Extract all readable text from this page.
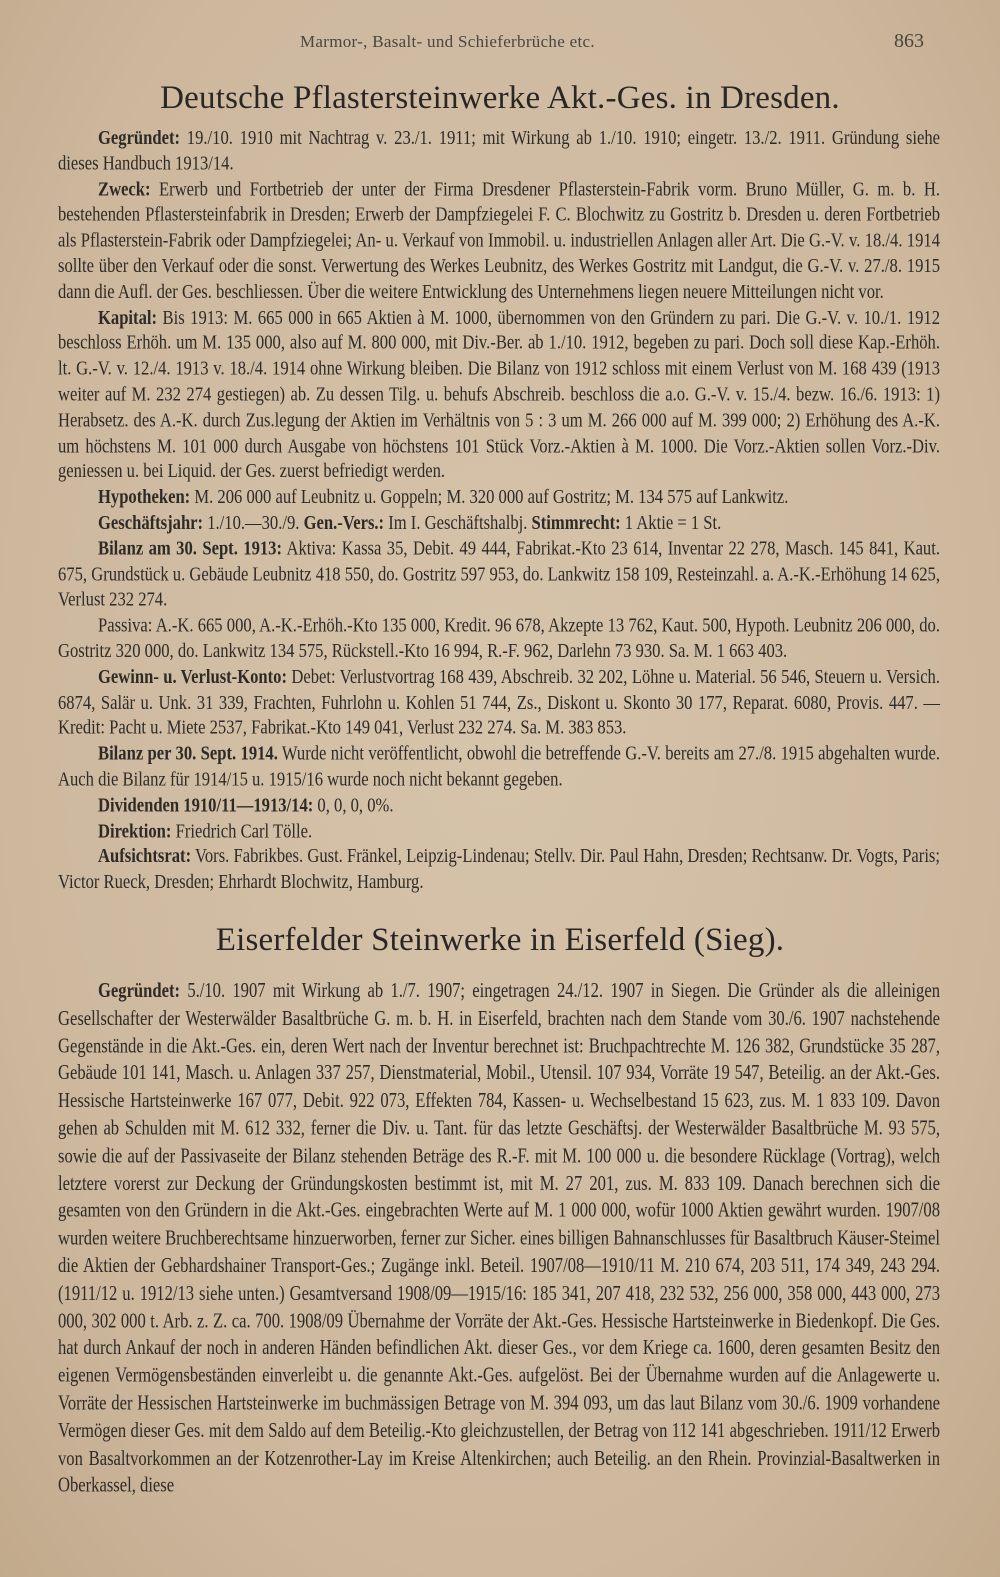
Marmor-, Basalt- und Schieferbrüche etc.	863
Deutsche Pflastersteinwerke Akt.-Ges. in Dresden.

Gegründet: 19./10. 1910 mit Nachtrag v. 23./1. 1911; mit Wirkung ab 1./10. 1910; eingetr. 13./2. 1911. Gründung siehe dieses Handbuch 1913/14.

Zweck: Erwerb und Fortbetrieb der unter der Firma Dresdener Pflasterstein-Fabrik vorm. Bruno Müller, G. m. b. H. bestehenden Pflastersteinfabrik in Dresden; Erwerb der Dampfziegelei F. C. Blochwitz zu Gostritz b. Dresden u. deren Fortbetrieb als Pflasterstein-Fabrik oder Dampfziegelei; An- u. Verkauf von Immobil. u. industriellen Anlagen aller Art. Die G.-V. v. 18./4. 1914 sollte über den Verkauf oder die sonst. Verwertung des Werkes Leubnitz, des Werkes Gostritz mit Landgut, die G.-V. v. 27./8. 1915 dann die Aufl. der Ges. beschliessen. Über die weitere Entwicklung des Unternehmens liegen neuere Mitteilungen nicht vor.

Kapital: Bis 1913: M. 665 000 in 665 Aktien à M. 1000, übernommen von den Gründern zu pari. Die G.-V. v. 10./1. 1912 beschloss Erhöh. um M. 135 000, also auf M. 800 000, mit Div.-Ber. ab 1./10. 1912, begeben zu pari. Doch soll diese Kap.-Erhöh. lt. G.-V. v. 12./4. 1913 v. 18./4. 1914 ohne Wirkung bleiben. Die Bilanz von 1912 schloss mit einem Verlust von M. 168 439 (1913 weiter auf M. 232 274 gestiegen) ab. Zu dessen Tilg. u. behufs Abschreib. beschloss die a.o. G.-V. v. 15./4. bezw. 16./6. 1913: 1) Herabsetz. des A.-K. durch Zus.legung der Aktien im Verhältnis von 5 : 3 um M. 266 000 auf M. 399 000; 2) Erhöhung des A.-K. um höchstens M. 101 000 durch Ausgabe von höchstens 101 Stück Vorz.-Aktien à M. 1000. Die Vorz.-Aktien sollen Vorz.-Div. geniessen u. bei Liquid. der Ges. zuerst befriedigt werden.

Hypotheken: M. 206 000 auf Leubnitz u. Goppeln; M. 320 000 auf Gostritz; M. 134 575 auf Lankwitz.

Geschäftsjahr: 1./10.—30./9. Gen.-Vers.: Im I. Geschäftshalbj. Stimmrecht: 1 Aktie = 1 St.

Bilanz am 30. Sept. 1913: Aktiva: Kassa 35, Debit. 49 444, Fabrikat.-Kto 23 614, Inventar 22 278, Masch. 145 841, Kaut. 675, Grundstück u. Gebäude Leubnitz 418 550, do. Gostritz 597 953, do. Lankwitz 158 109, Resteinzahl. a. A.-K.-Erhöhung 14 625, Verlust 232 274.

Passiva: A.-K. 665 000, A.-K.-Erhöh.-Kto 135 000, Kredit. 96 678, Akzepte 13 762, Kaut. 500, Hypoth. Leubnitz 206 000, do. Gostritz 320 000, do. Lankwitz 134 575, Rückstell.-Kto 16 994, R.-F. 962, Darlehn 73 930. Sa. M. 1 663 403.

Gewinn- u. Verlust-Konto: Debet: Verlustvortrag 168 439, Abschreib. 32 202, Löhne u. Material. 56 546, Steuern u. Versich. 6874, Salär u. Unk. 31 339, Frachten, Fuhrlohn u. Kohlen 51 744, Zs., Diskont u. Skonto 30 177, Reparat. 6080, Provis. 447. — Kredit: Pacht u. Miete 2537, Fabrikat.-Kto 149 041, Verlust 232 274. Sa. M. 383 853.

Bilanz per 30. Sept. 1914. Wurde nicht veröffentlicht, obwohl die betreffende G.-V. bereits am 27./8. 1915 abgehalten wurde. Auch die Bilanz für 1914/15 u. 1915/16 wurde noch nicht bekannt gegeben.

Dividenden 1910/11—1913/14: 0, 0, 0, 0%.

Direktion: Friedrich Carl Tölle.

Aufsichtsrat: Vors. Fabrikbes. Gust. Fränkel, Leipzig-Lindenau; Stellv. Dir. Paul Hahn, Dresden; Rechtsanw. Dr. Vogts, Paris; Victor Rueck, Dresden; Ehrhardt Blochwitz, Hamburg.

Eiserfelder Steinwerke in Eiserfeld (Sieg).

Gegründet: 5./10. 1907 mit Wirkung ab 1./7. 1907; eingetragen 24./12. 1907 in Siegen. Die Gründer als die alleinigen Gesellschafter der Westerwälder Basaltbrüche G. m. b. H. in Eiserfeld, brachten nach dem Stande vom 30./6. 1907 nachstehende Gegenstände in die Akt.-Ges. ein, deren Wert nach der Inventur berechnet ist: Bruchpachtrechte M. 126 382, Grundstücke 35 287, Gebäude 101 141, Masch. u. Anlagen 337 257, Dienstmaterial, Mobil., Utensil. 107 934, Vorräte 19 547, Beteilig. an der Akt.-Ges. Hessische Hartsteinwerke 167 077, Debit. 922 073, Effekten 784, Kassen- u. Wechselbestand 15 623, zus. M. 1 833 109. Davon gehen ab Schulden mit M. 612 332, ferner die Div. u. Tant. für das letzte Geschäftsj. der Westerwälder Basaltbrüche M. 93 575, sowie die auf der Passivaseite der Bilanz stehenden Beträge des R.-F. mit M. 100 000 u. die besondere Rücklage (Vortrag), welch letztere vorerst zur Deckung der Gründungskosten bestimmt ist, mit M. 27 201, zus. M. 833 109. Danach berechnen sich die gesamten von den Gründern in die Akt.-Ges. eingebrachten Werte auf M. 1 000 000, wofür 1000 Aktien gewährt wurden. 1907/08 wurden weitere Bruchberechtsame hinzuerworben, ferner zur Sicher. eines billigen Bahnanschlusses für Basaltbruch Käuser-Steimel die Aktien der Gebhardshainer Transport-Ges.; Zugänge inkl. Beteil. 1907/08—1910/11 M. 210 674, 203 511, 174 349, 243 294. (1911/12 u. 1912/13 siehe unten.) Gesamtversand 1908/09—1915/16: 185 341, 207 418, 232 532, 256 000, 358 000, 443 000, 273 000, 302 000 t. Arb. z. Z. ca. 700. 1908/09 Übernahme der Vorräte der Akt.-Ges. Hessische Hartsteinwerke in Biedenkopf. Die Ges. hat durch Ankauf der noch in anderen Händen befindlichen Akt. dieser Ges., vor dem Kriege ca. 1600, deren gesamten Besitz den eigenen Vermögensbeständen einverleibt u. die genannte Akt.-Ges. aufgelöst. Bei der Übernahme wurden auf die Anlagewerte u. Vorräte der Hessischen Hartsteinwerke im buchmässigen Betrage von M. 394 093, um das laut Bilanz vom 30./6. 1909 vorhandene Vermögen dieser Ges. mit dem Saldo auf dem Beteilig.-Kto gleichzustellen, der Betrag von 112 141 abgeschrieben. 1911/12 Erwerb von Basaltvorkommen an der Kotzenrother-Lay im Kreise Altenkirchen; auch Beteilig. an den Rhein. Provinzial-Basaltwerken in Oberkassel, diese
